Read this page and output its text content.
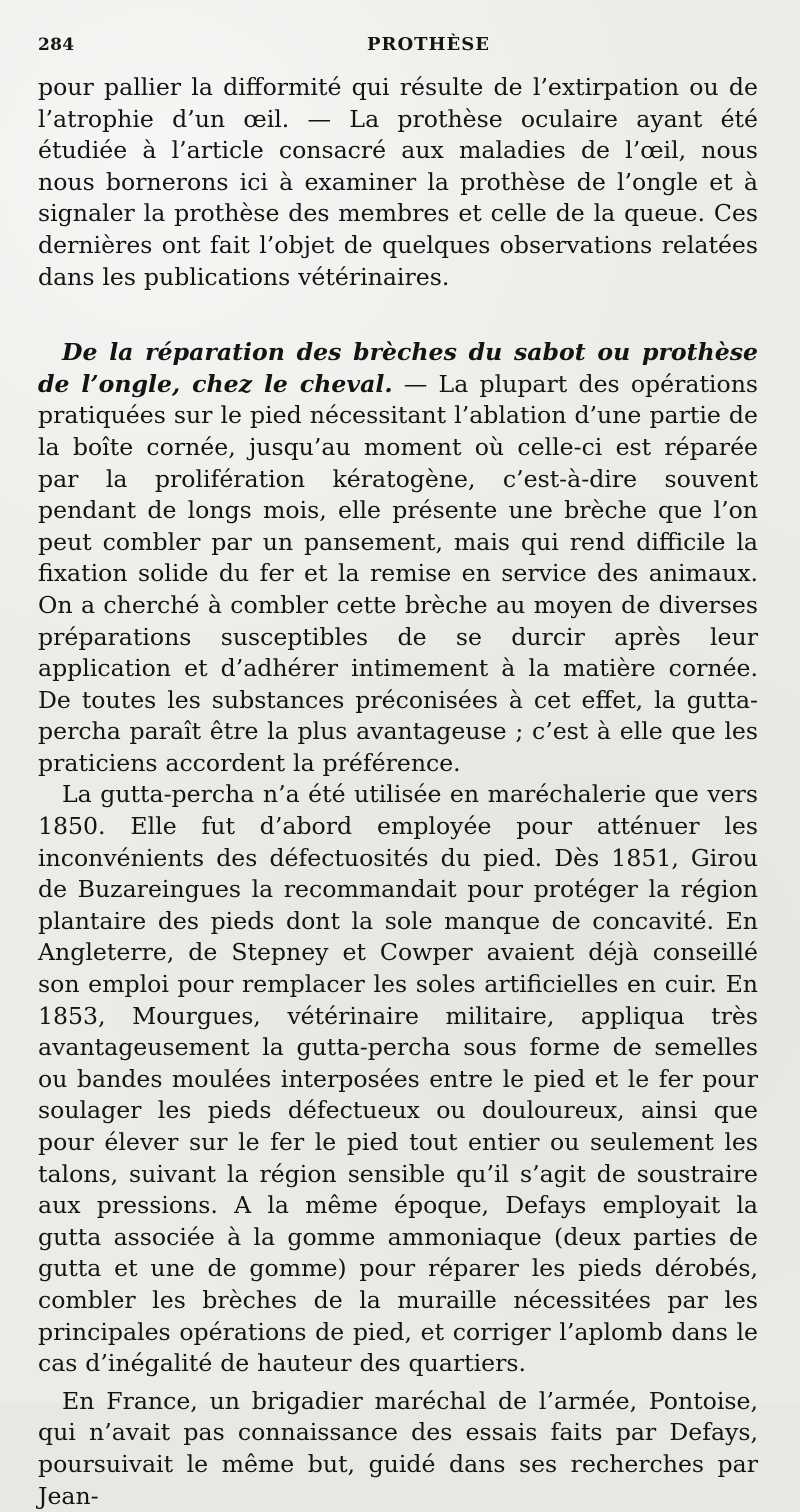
284	PROTHÈSE

pour pallier la difformité qui résulte de l’extirpation ou de l’atrophie d’un œil. — La prothèse oculaire ayant été étudiée à l’article consacré aux maladies de l’œil, nous nous bornerons ici à examiner la prothèse de l’ongle et à signaler la prothèse des membres et celle de la queue. Ces dernières ont fait l’objet de quelques observations relatées dans les publications vétérinaires.

De la réparation des brèches du sabot ou prothèse de l’ongle, chez le cheval. — La plupart des opérations pratiquées sur le pied nécessitant l’ablation d’une partie de la boîte cornée, jusqu’au moment où celle-ci est réparée par la prolifération kératogène, c’est-à-dire souvent pendant de longs mois, elle présente une brèche que l’on peut combler par un pansement, mais qui rend difficile la fixation solide du fer et la remise en service des animaux. On a cherché à combler cette brèche au moyen de diverses préparations susceptibles de se durcir après leur application et d’adhérer intimement à la matière cornée. De toutes les substances préconisées à cet effet, la gutta-percha paraît être la plus avantageuse ; c’est à elle que les praticiens accordent la préférence.

La gutta-percha n’a été utilisée en maréchalerie que vers 1850. Elle fut d’abord employée pour atténuer les inconvénients des défectuosités du pied. Dès 1851, Girou de Buzareingues la recommandait pour protéger la région plantaire des pieds dont la sole manque de concavité. En Angleterre, de Stepney et Cowper avaient déjà conseillé son emploi pour remplacer les soles artificielles en cuir. En 1853, Mourgues, vétérinaire militaire, appliqua très avantageusement la gutta-percha sous forme de semelles ou bandes moulées interposées entre le pied et le fer pour soulager les pieds défectueux ou douloureux, ainsi que pour élever sur le fer le pied tout entier ou seulement les talons, suivant la région sensible qu’il s’agit de soustraire aux pressions. A la même époque, Defays employait la gutta associée à la gomme ammoniaque (deux parties de gutta et une de gomme) pour réparer les pieds dérobés, combler les brèches de la muraille nécessitées par les principales opérations de pied, et corriger l’aplomb dans le cas d’inégalité de hauteur des quartiers.

En France, un brigadier maréchal de l’armée, Pontoise, qui n’avait pas connaissance des essais faits par Defays, poursuivait le même but, guidé dans ses recherches par Jean-
